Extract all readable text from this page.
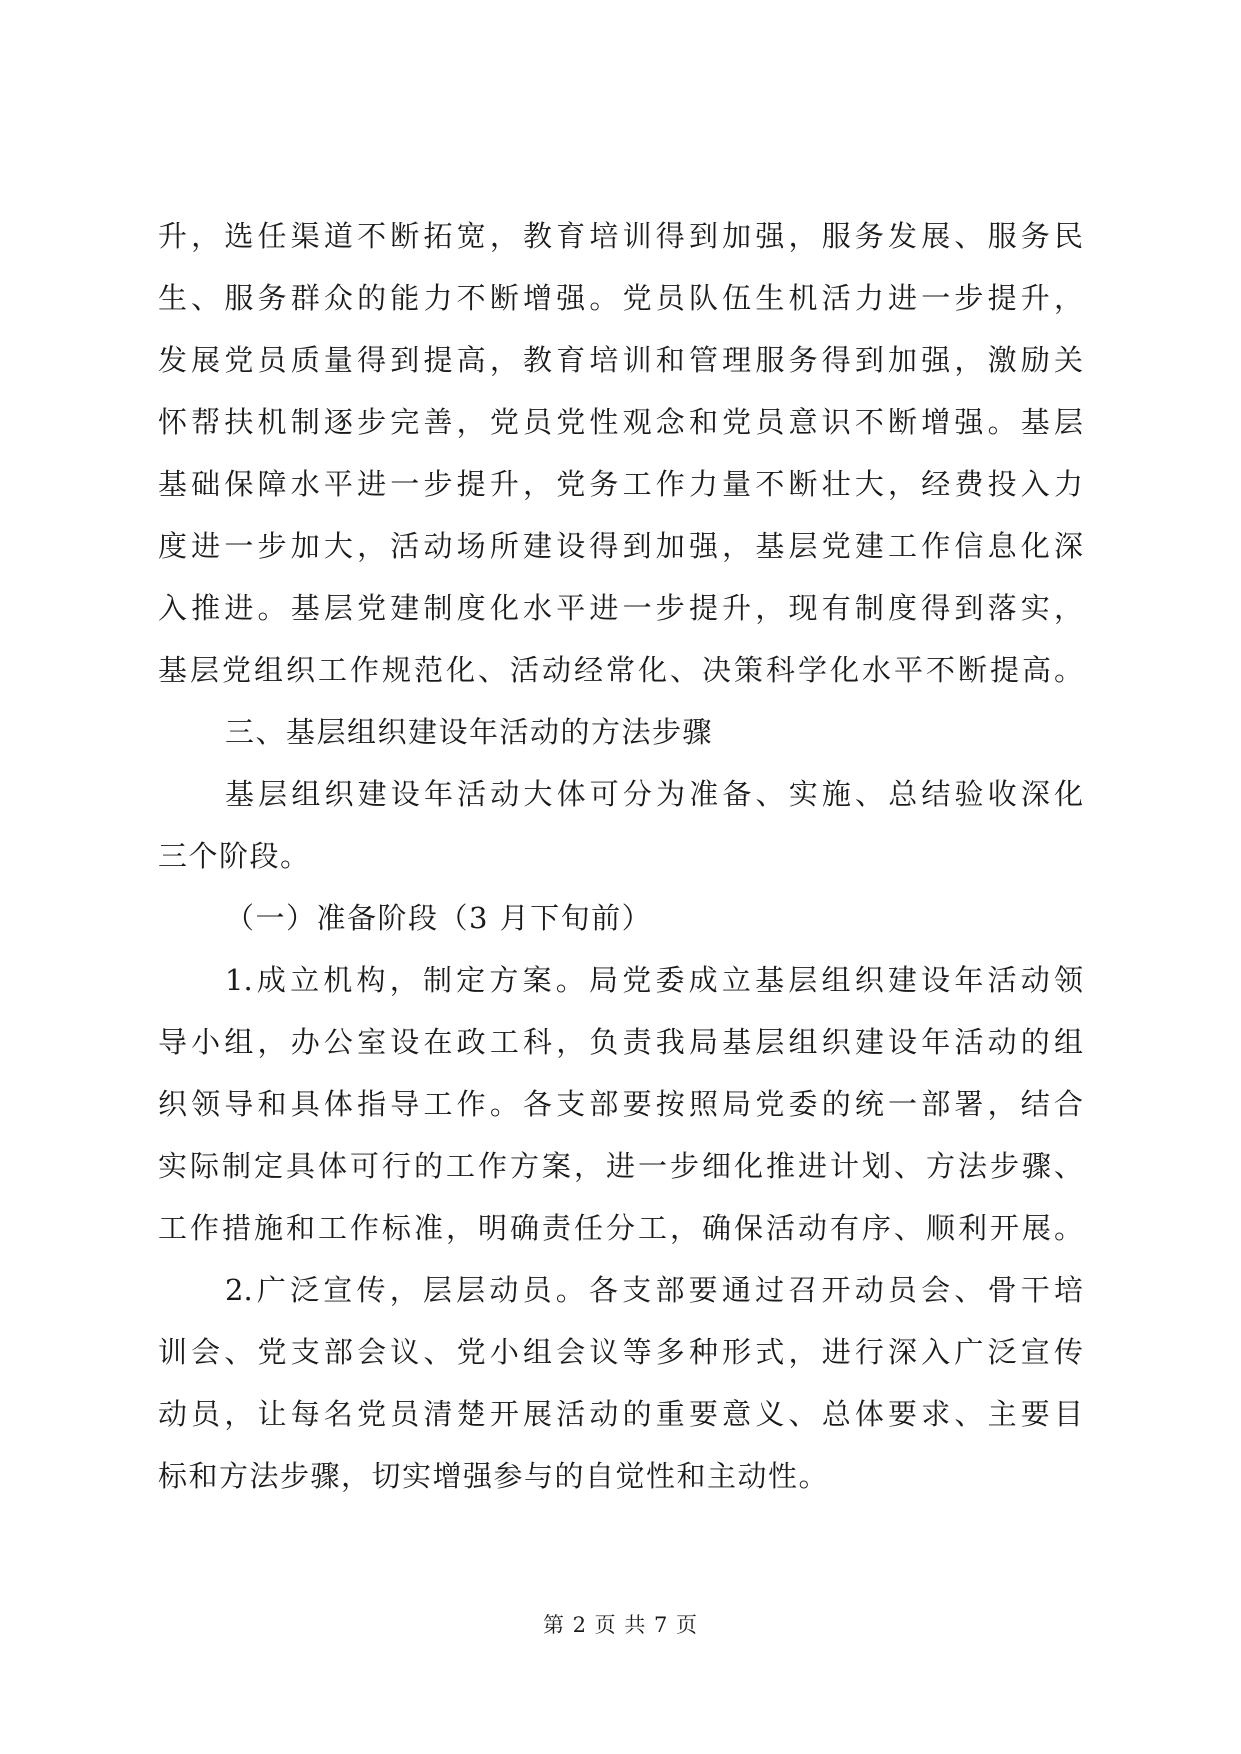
升，选任渠道不断拓宽，教育培训得到加强，服务发展、服务民
生、服务群众的能力不断增强。党员队伍生机活力进一步提升，
发展党员质量得到提高，教育培训和管理服务得到加强，激励关
怀帮扶机制逐步完善，党员党性观念和党员意识不断增强。基层
基础保障水平进一步提升，党务工作力量不断壮大，经费投入力
度进一步加大，活动场所建设得到加强，基层党建工作信息化深
入推进。基层党建制度化水平进一步提升，现有制度得到落实，
基层党组织工作规范化、活动经常化、决策科学化水平不断提高。
三、基层组织建设年活动的方法步骤
基层组织建设年活动大体可分为准备、实施、总结验收深化
三个阶段。
（一）准备阶段（3 月下旬前）
1.成立机构，制定方案。局党委成立基层组织建设年活动领
导小组，办公室设在政工科，负责我局基层组织建设年活动的组
织领导和具体指导工作。各支部要按照局党委的统一部署，结合
实际制定具体可行的工作方案，进一步细化推进计划、方法步骤、
工作措施和工作标准，明确责任分工，确保活动有序、顺利开展。
2.广泛宣传，层层动员。各支部要通过召开动员会、骨干培
训会、党支部会议、党小组会议等多种形式，进行深入广泛宣传
动员，让每名党员清楚开展活动的重要意义、总体要求、主要目
标和方法步骤，切实增强参与的自觉性和主动性。
第 2 页 共 7 页
